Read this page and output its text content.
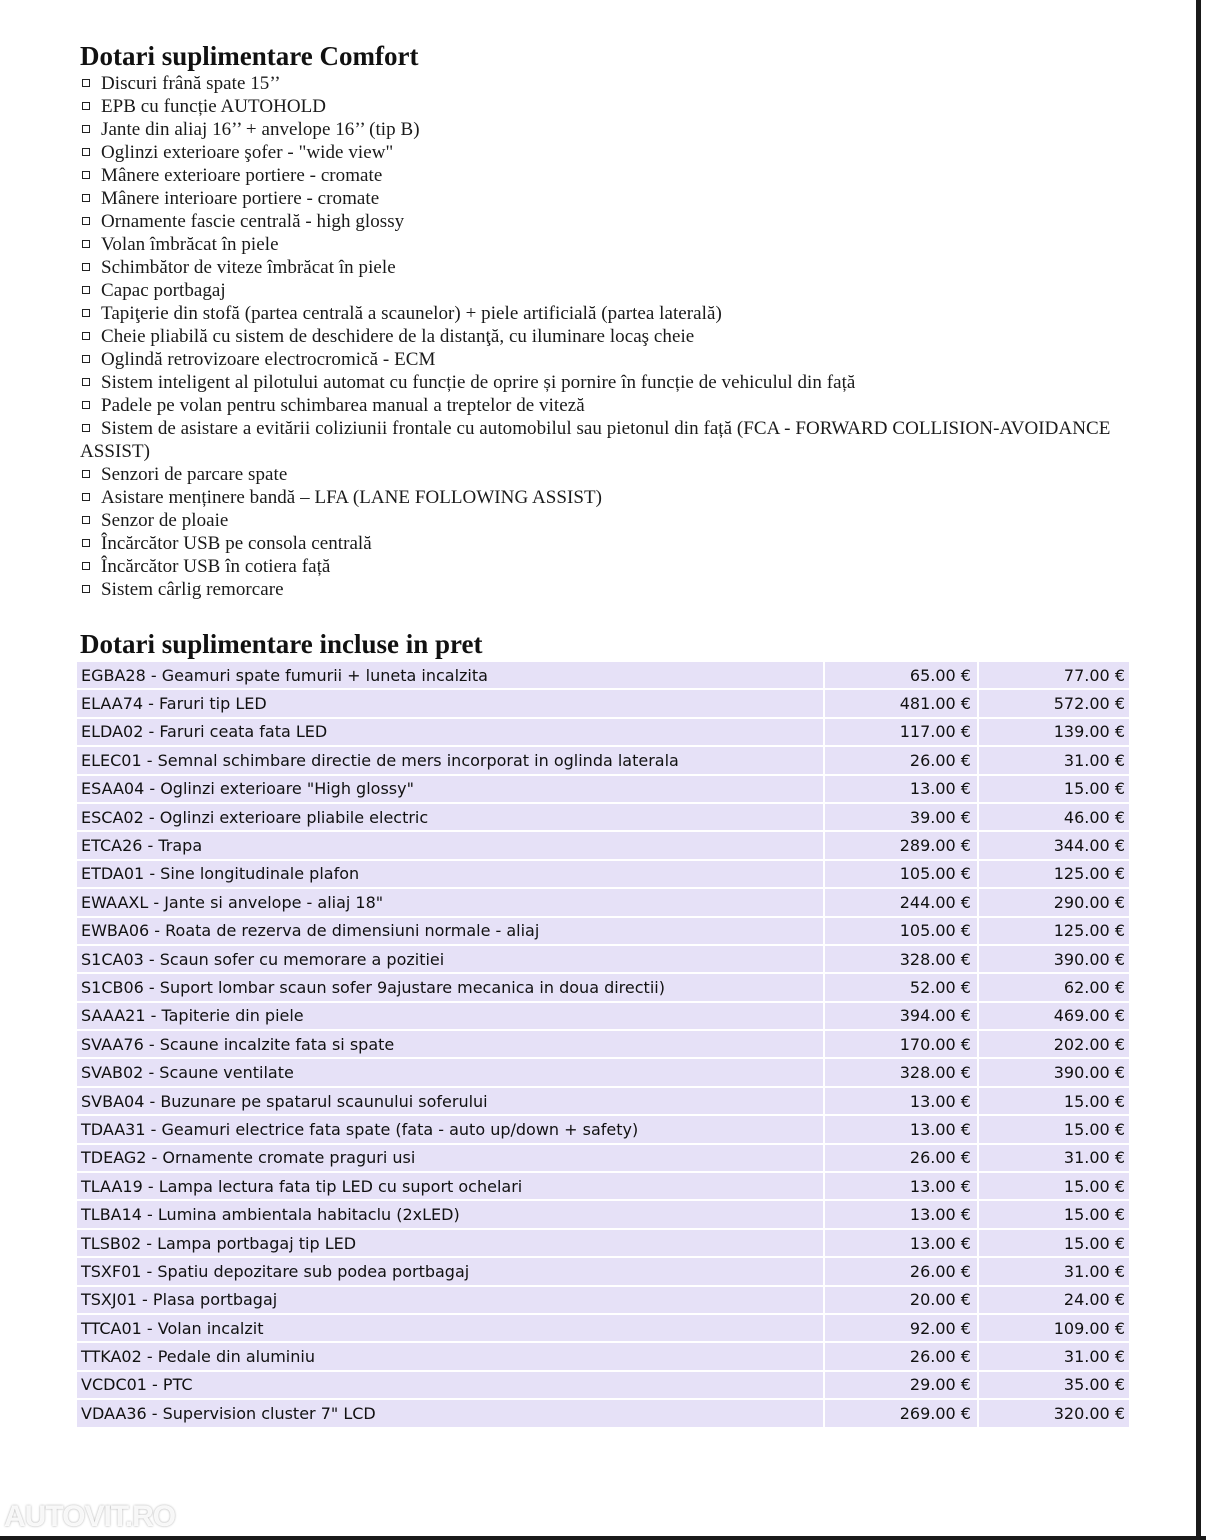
Dotari suplimentare Comfort
Discuri frână spate 15’’
EPB cu funcție AUTOHOLD
Jante din aliaj 16’’ + anvelope 16’’ (tip B)
Oglinzi exterioare şofer - "wide view"
Mânere exterioare portiere - cromate
Mânere interioare portiere - cromate
Ornamente fascie centrală - high glossy
Volan îmbrăcat în piele
Schimbător de viteze îmbrăcat în piele
Capac portbagaj
Tapiţerie din stofă (partea centrală a scaunelor) + piele artificială (partea laterală)
Cheie pliabilă cu sistem de deschidere de la distanţă, cu iluminare locaş cheie
Oglindă retrovizoare electrocromică - ECM
Sistem inteligent al pilotului automat cu funcție de oprire și pornire în funcție de vehiculul din față
Padele pe volan pentru schimbarea manual a treptelor de viteză
Sistem de asistare a evitării coliziunii frontale cu automobilul sau pietonul din față (FCA - FORWARD COLLISION-AVOIDANCE ASSIST)
Senzori de parcare spate
Asistare menținere bandă – LFA (LANE FOLLOWING ASSIST)
Senzor de ploaie
Încărcător USB pe consola centrală
Încărcător USB în cotiera față
Sistem cârlig remorcare
Dotari suplimentare incluse in pret
EGBA28 - Geamuri spate fumurii + luneta incalzita	65.00 €	77.00 €
ELAA74 - Faruri tip LED	481.00 €	572.00 €
ELDA02 - Faruri ceata fata LED	117.00 €	139.00 €
ELEC01 - Semnal schimbare directie de mers incorporat in oglinda laterala	26.00 €	31.00 €
ESAA04 - Oglinzi exterioare "High glossy"	13.00 €	15.00 €
ESCA02 - Oglinzi exterioare pliabile electric	39.00 €	46.00 €
ETCA26 - Trapa	289.00 €	344.00 €
ETDA01 - Sine longitudinale plafon	105.00 €	125.00 €
EWAAXL - Jante si anvelope - aliaj 18"	244.00 €	290.00 €
EWBA06 - Roata de rezerva de dimensiuni normale - aliaj	105.00 €	125.00 €
S1CA03 - Scaun sofer cu memorare a pozitiei	328.00 €	390.00 €
S1CB06 - Suport lombar scaun sofer 9ajustare mecanica in doua directii)	52.00 €	62.00 €
SAAA21 - Tapiterie din piele	394.00 €	469.00 €
SVAA76 - Scaune incalzite fata si spate	170.00 €	202.00 €
SVAB02 - Scaune ventilate	328.00 €	390.00 €
SVBA04 - Buzunare pe spatarul scaunului soferului	13.00 €	15.00 €
TDAA31 - Geamuri electrice fata spate (fata - auto up/down + safety)	13.00 €	15.00 €
TDEAG2 - Ornamente cromate praguri usi	26.00 €	31.00 €
TLAA19 - Lampa lectura fata tip LED cu suport ochelari	13.00 €	15.00 €
TLBA14 - Lumina ambientala habitaclu (2xLED)	13.00 €	15.00 €
TLSB02 - Lampa portbagaj tip LED	13.00 €	15.00 €
TSXF01 - Spatiu depozitare sub podea portbagaj	26.00 €	31.00 €
TSXJ01 - Plasa portbagaj	20.00 €	24.00 €
TTCA01 - Volan incalzit	92.00 €	109.00 €
TTKA02 - Pedale din aluminiu	26.00 €	31.00 €
VCDC01 - PTC	29.00 €	35.00 €
VDAA36 - Supervision cluster 7" LCD	269.00 €	320.00 €
AUTOVIT.RO
